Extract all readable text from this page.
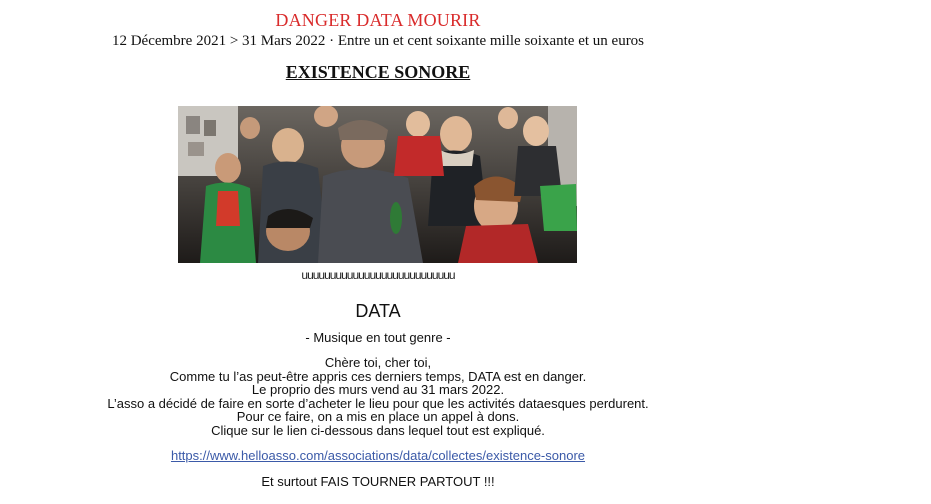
DANGER DATA MOURIR
12 Décembre 2021 > 31 Mars 2022 · Entre un et cent soixante mille soixante et un euros
EXISTENCE SONORE
uuuuuuuuuuuuuuuuuuuuuuuuuuu
DATA
- Musique en tout genre -
Chère toi, cher toi,
Comme tu l’as peut-être appris ces derniers temps, DATA est en danger.
Le proprio des murs vend au 31 mars 2022.
L’asso a décidé de faire en sorte d’acheter le lieu pour que les activités dataesques perdurent.
Pour ce faire, on a mis en place un appel à dons.
Clique sur le lien ci-dessous dans lequel tout est expliqué.
https://www.helloasso.com/associations/data/collectes/existence-sonore
Et surtout FAIS TOURNER PARTOUT !!!
